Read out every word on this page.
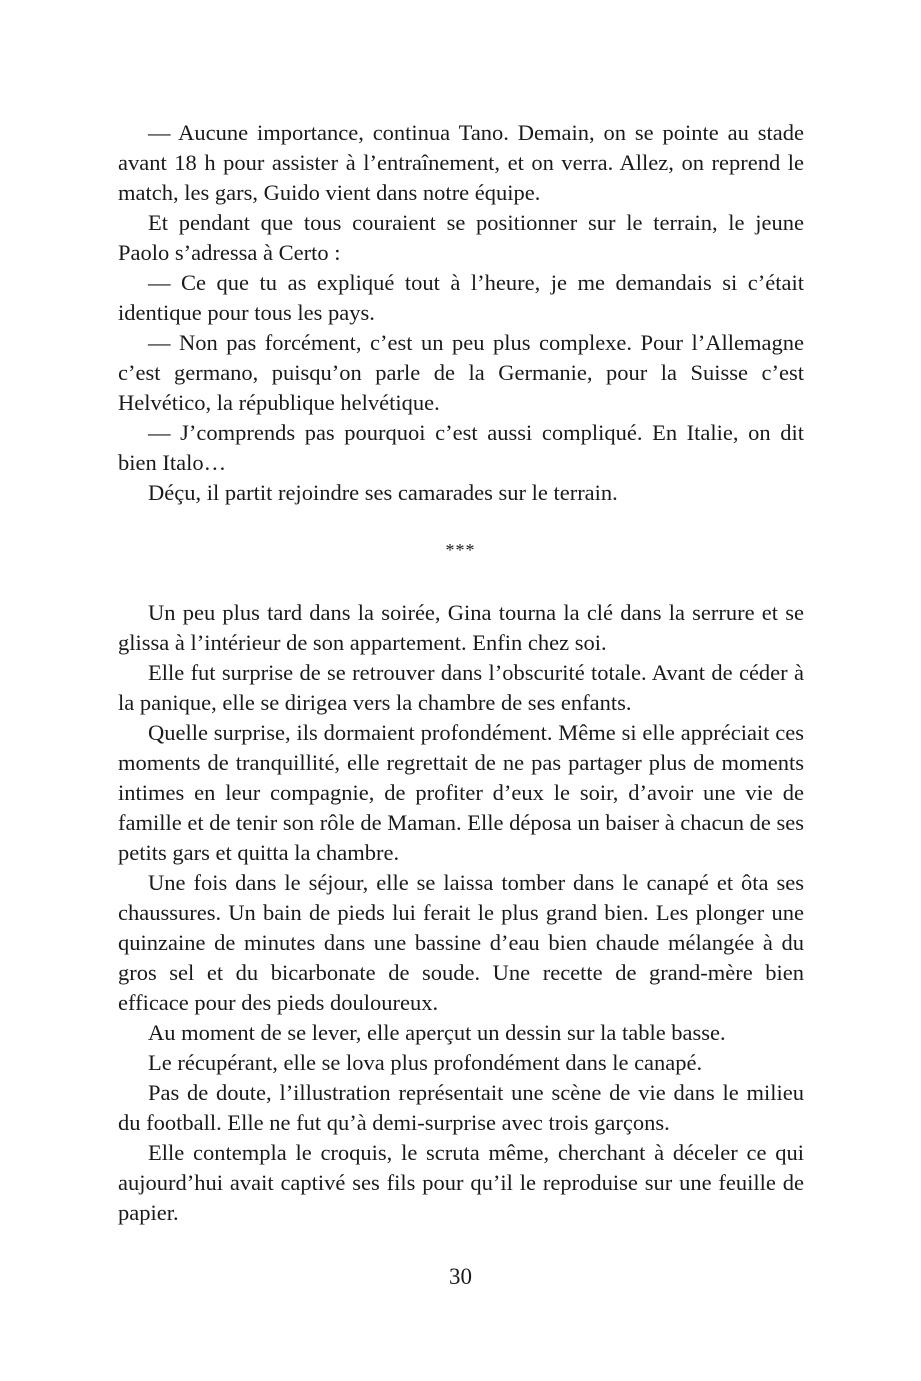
— Aucune importance, continua Tano. Demain, on se pointe au stade avant 18 h pour assister à l’entraînement, et on verra. Allez, on reprend le match, les gars, Guido vient dans notre équipe.

Et pendant que tous couraient se positionner sur le terrain, le jeune Paolo s’adressa à Certo :

— Ce que tu as expliqué tout à l’heure, je me demandais si c’était identique pour tous les pays.

— Non pas forcément, c’est un peu plus complexe. Pour l’Allemagne c’est germano, puisqu’on parle de la Germanie, pour la Suisse c’est Helvético, la république helvétique.

— J’comprends pas pourquoi c’est aussi compliqué. En Italie, on dit bien Italo…

Déçu, il partit rejoindre ses camarades sur le terrain.

***

Un peu plus tard dans la soirée, Gina tourna la clé dans la serrure et se glissa à l’intérieur de son appartement. Enfin chez soi.

Elle fut surprise de se retrouver dans l’obscurité totale. Avant de céder à la panique, elle se dirigea vers la chambre de ses enfants.

Quelle surprise, ils dormaient profondément. Même si elle appréciait ces moments de tranquillité, elle regrettait de ne pas partager plus de moments intimes en leur compagnie, de profiter d’eux le soir, d’avoir une vie de famille et de tenir son rôle de Maman. Elle déposa un baiser à chacun de ses petits gars et quitta la chambre.

Une fois dans le séjour, elle se laissa tomber dans le canapé et ôta ses chaussures. Un bain de pieds lui ferait le plus grand bien. Les plonger une quinzaine de minutes dans une bassine d’eau bien chaude mélangée à du gros sel et du bicarbonate de soude. Une recette de grand-mère bien efficace pour des pieds douloureux.

Au moment de se lever, elle aperçut un dessin sur la table basse.

Le récupérant, elle se lova plus profondément dans le canapé.

Pas de doute, l’illustration représentait une scène de vie dans le milieu du football. Elle ne fut qu’à demi-surprise avec trois garçons.

Elle contempla le croquis, le scruta même, cherchant à déceler ce qui aujourd’hui avait captivé ses fils pour qu’il le reproduise sur une feuille de papier.

30
